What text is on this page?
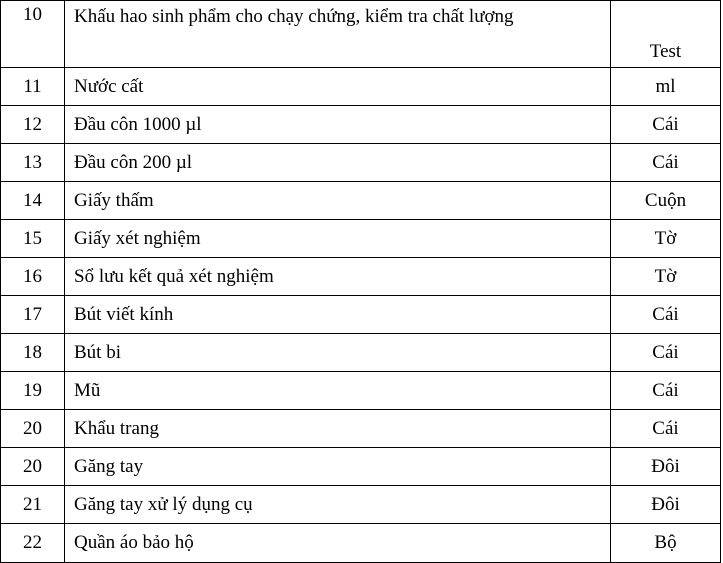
10	Khấu hao sinh phẩm cho chạy chứng, kiểm tra chất lượng	Test
11	Nước cất	ml
12	Đầu côn 1000 µl	Cái
13	Đầu côn 200 µl	Cái
14	Giấy thấm	Cuộn
15	Giấy xét nghiệm	Tờ
16	Sổ lưu kết quả xét nghiệm	Tờ
17	Bút viết kính	Cái
18	Bút bi	Cái
19	Mũ	Cái
20	Khẩu trang	Cái
20	Găng tay	Đôi
21	Găng tay xử lý dụng cụ	Đôi
22	Quần áo bảo hộ	Bộ
